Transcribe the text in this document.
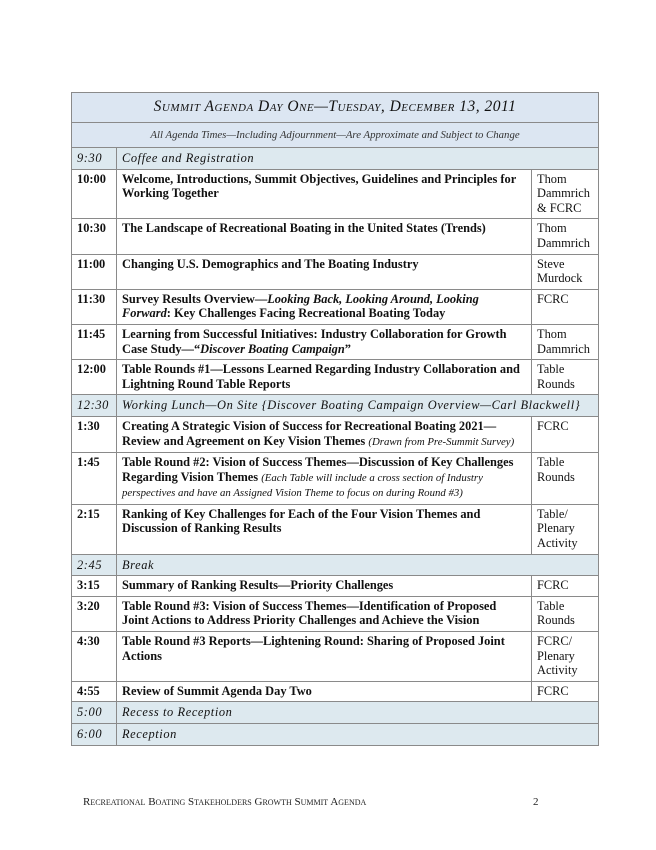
Summit Agenda Day One—Tuesday, December 13, 2011		
All Agenda Times—Including Adjournment—Are Approximate and Subject to Change		
9:30	Coffee and Registration	
10:00	Welcome, Introductions, Summit Objectives, Guidelines and Principles for Working Together	Thom Dammrich & FCRC
10:30	The Landscape of Recreational Boating in the United States (Trends)	Thom Dammrich
11:00	Changing U.S. Demographics and The Boating Industry	Steve Murdock
11:30	Survey Results Overview—Looking Back, Looking Around, Looking Forward: Key Challenges Facing Recreational Boating Today	FCRC
11:45	Learning from Successful Initiatives: Industry Collaboration for Growth Case Study—“Discover Boating Campaign”	Thom Dammrich
12:00	Table Rounds #1—Lessons Learned Regarding Industry Collaboration and Lightning Round Table Reports	Table Rounds
12:30	Working Lunch—On Site {Discover Boating Campaign Overview—Carl Blackwell}	
1:30	Creating A Strategic Vision of Success for Recreational Boating 2021—Review and Agreement on Key Vision Themes (Drawn from Pre-Summit Survey)	FCRC
1:45	Table Round #2: Vision of Success Themes—Discussion of Key Challenges Regarding Vision Themes (Each Table will include a cross section of Industry perspectives and have an Assigned Vision Theme to focus on during Round #3)	Table Rounds
2:15	Ranking of Key Challenges for Each of the Four Vision Themes and Discussion of Ranking Results	Table/ Plenary Activity
2:45	Break	
3:15	Summary of Ranking Results—Priority Challenges	FCRC
3:20	Table Round #3: Vision of Success Themes—Identification of Proposed Joint Actions to Address Priority Challenges and Achieve the Vision	Table Rounds
4:30	Table Round #3 Reports—Lightening Round: Sharing of Proposed Joint Actions	FCRC/ Plenary Activity
4:55	Review of Summit Agenda Day Two	FCRC
5:00	Recess to Reception	
6:00	Reception	
Recreational Boating Stakeholders Growth Summit Agenda	2
